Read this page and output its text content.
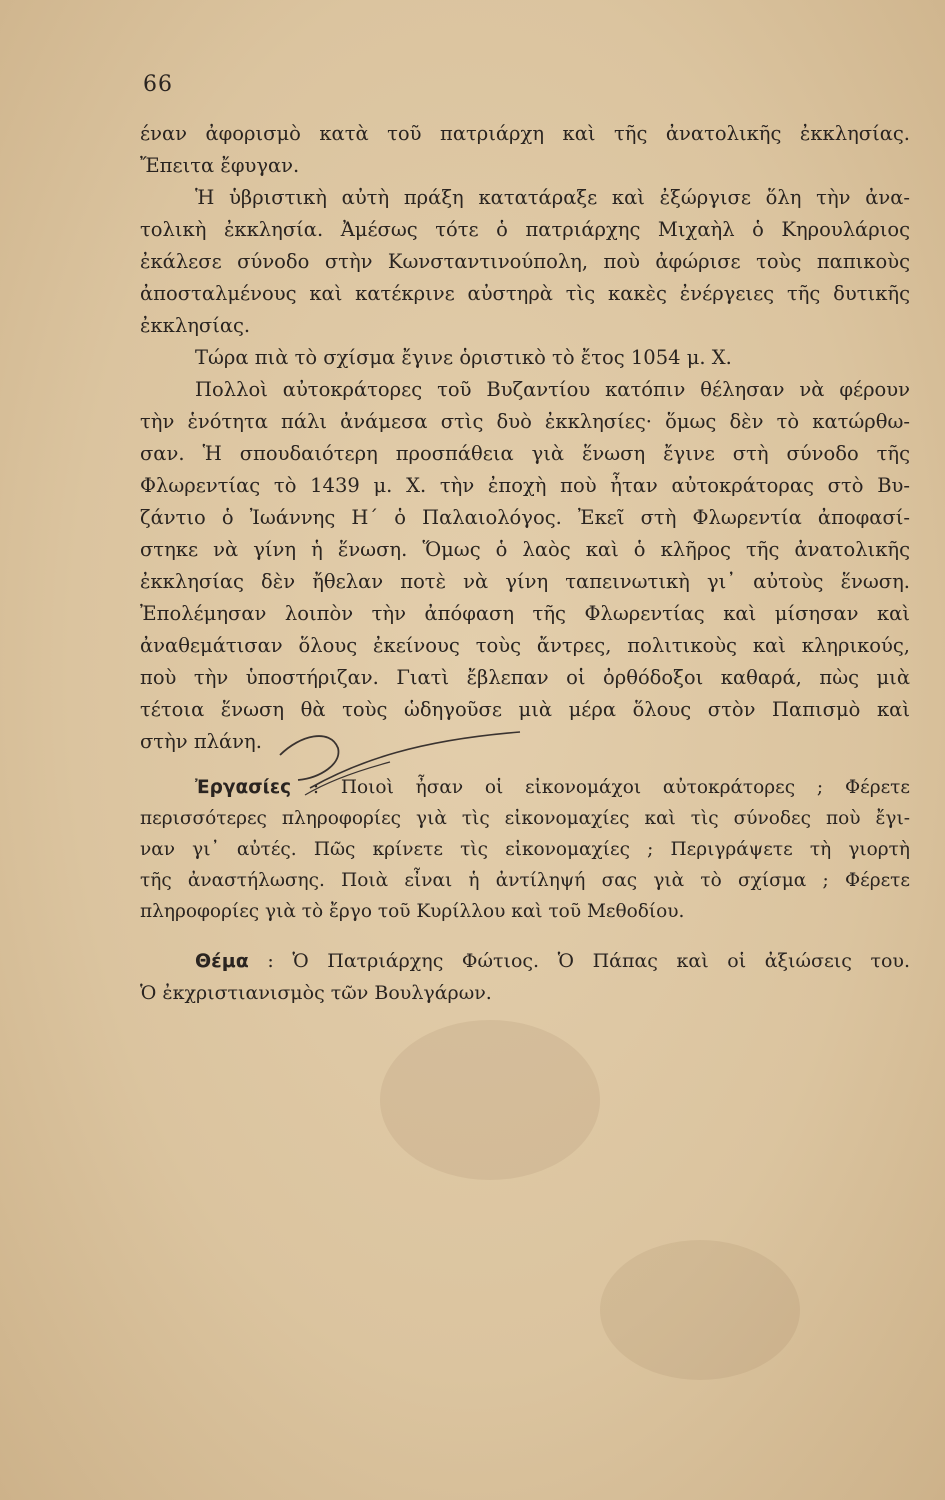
66
έναν ἀφορισμὸ κατὰ τοῦ πατριάρχη καὶ τῆς ἀνατολικῆς ἐκκλησίας.
Ἔπειτα ἔφυγαν.
Ἡ ὑβριστικὴ αὐτὴ πράξη κατατάραξε καὶ ἐξώργισε ὅλη τὴν ἀνα-
τολικὴ ἐκκλησία. Ἀμέσως τότε ὁ πατριάρχης Μιχαὴλ ὁ Κηρουλάριος
ἐκάλεσε σύνοδο στὴν Κωνσταντινούπολη, ποὺ ἀφώρισε τοὺς παπικοὺς
ἀποσταλμένους καὶ κατέκρινε αὐστηρὰ τὶς κακὲς ἐνέργειες τῆς δυτικῆς
ἐκκλησίας.
Τώρα πιὰ τὸ σχίσμα ἔγινε ὁριστικὸ τὸ ἔτος 1054 μ. Χ.
Πολλοὶ αὐτοκράτορες τοῦ Βυζαντίου κατόπιν θέλησαν νὰ φέρουν
τὴν ἑνότητα πάλι ἀνάμεσα στὶς δυὸ ἐκκλησίες· ὅμως δὲν τὸ κατώρθω-
σαν. Ἡ σπουδαιότερη προσπάθεια γιὰ ἕνωση ἔγινε στὴ σύνοδο τῆς
Φλωρεντίας τὸ 1439 μ. Χ. τὴν ἐποχὴ ποὺ ἦταν αὐτοκράτορας στὸ Βυ-
ζάντιο ὁ Ἰωάννης Η΄ ὁ Παλαιολόγος. Ἐκεῖ στὴ Φλωρεντία ἀποφασί-
στηκε νὰ γίνη ἡ ἕνωση. Ὅμως ὁ λαὸς καὶ ὁ κλῆρος τῆς ἀνατολικῆς
ἐκκλησίας δὲν ἤθελαν ποτὲ νὰ γίνη ταπεινωτικὴ γι᾿ αὐτοὺς ἕνωση.
Ἐπολέμησαν λοιπὸν τὴν ἀπόφαση τῆς Φλωρεντίας καὶ μίσησαν καὶ
ἀναθεμάτισαν ὅλους ἐκείνους τοὺς ἄντρες, πολιτικοὺς καὶ κληρικούς,
ποὺ τὴν ὑποστήριζαν. Γιατὶ ἔβλεπαν οἱ ὀρθόδοξοι καθαρά, πὼς μιὰ
τέτοια ἕνωση θὰ τοὺς ὡδηγοῦσε μιὰ μέρα ὅλους στὸν Παπισμὸ καὶ
στὴν πλάνη.
Ἐργασίες : Ποιοὶ ἦσαν οἱ εἰκονομάχοι αὐτοκράτορες ; Φέρετε
περισσότερες πληροφορίες γιὰ τὶς εἰκονομαχίες καὶ τὶς σύνοδες ποὺ ἔγι-
ναν γι᾿ αὐτές. Πῶς κρίνετε τὶς εἰκονομαχίες ; Περιγράψετε τὴ γιορτὴ
τῆς ἀναστήλωσης. Ποιὰ εἶναι ἡ ἀντίληψή σας γιὰ τὸ σχίσμα ; Φέρετε
πληροφορίες γιὰ τὸ ἔργο τοῦ Κυρίλλου καὶ τοῦ Μεθοδίου.
Θέμα : Ὁ Πατριάρχης Φώτιος. Ὁ Πάπας καὶ οἱ ἀξιώσεις του.
Ὁ ἐκχριστιανισμὸς τῶν Βουλγάρων.
